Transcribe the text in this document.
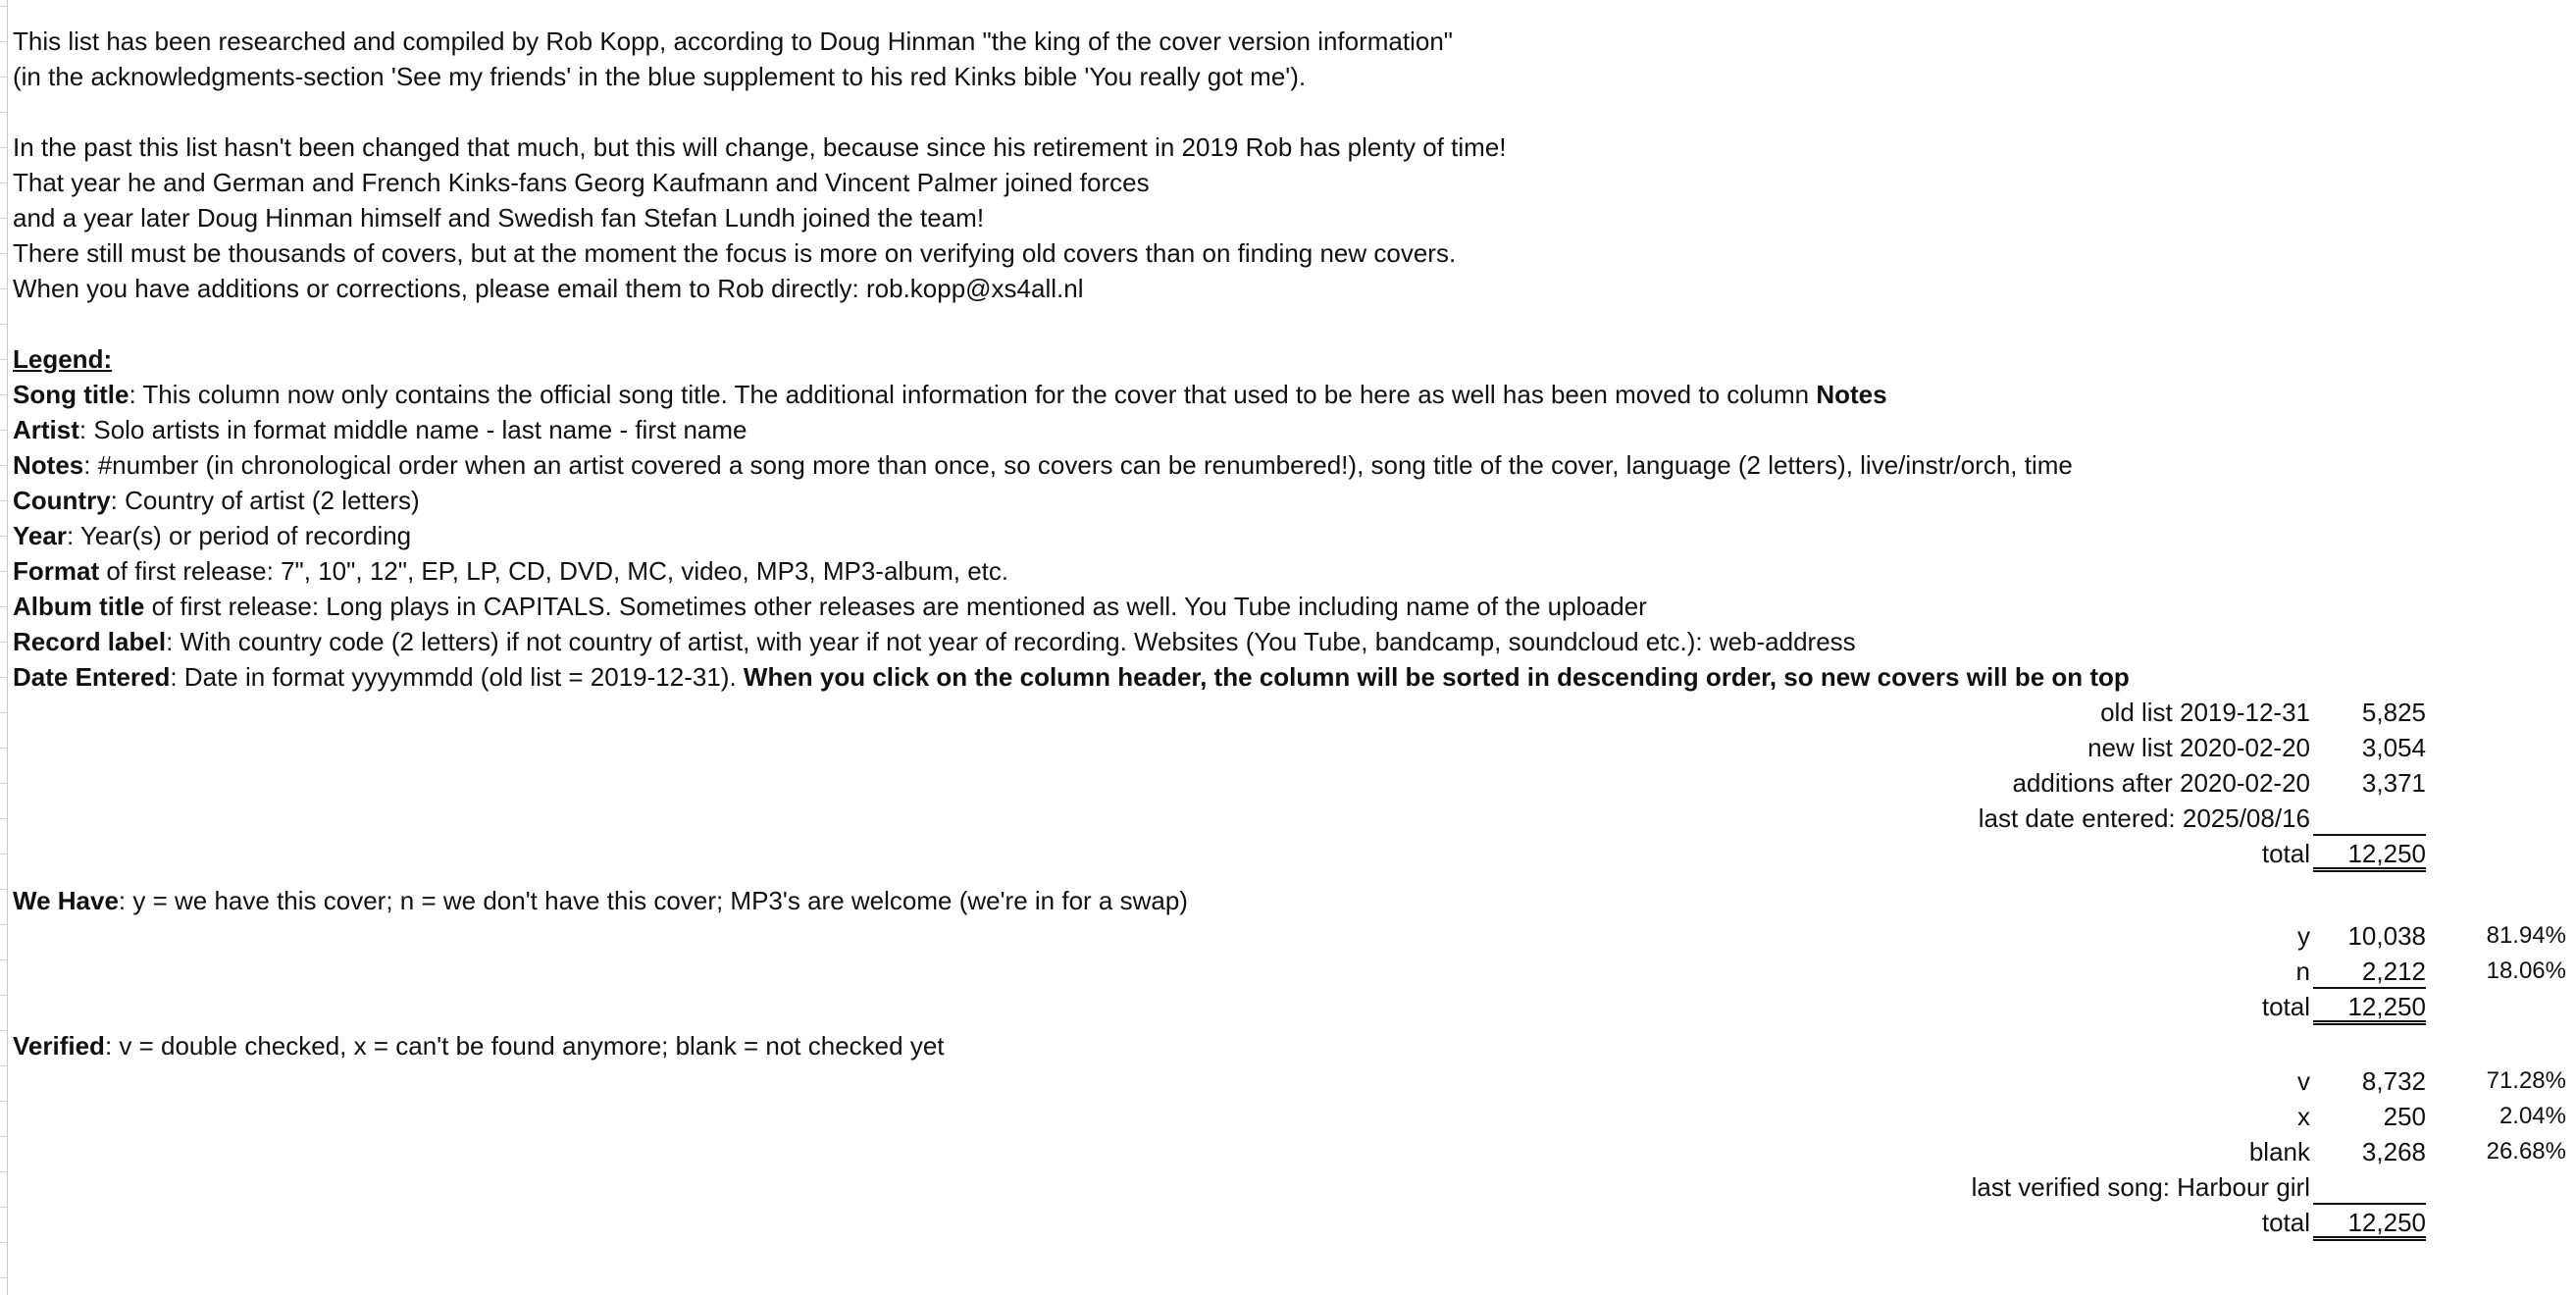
This list has been researched and compiled by Rob Kopp, according to Doug Hinman "the king of the cover version information"
(in the acknowledgments-section 'See my friends' in the blue supplement to his red Kinks bible 'You really got me').
In the past this list hasn't been changed that much, but this will change, because since his retirement in 2019 Rob has plenty of time!
That year he and German and French Kinks-fans Georg Kaufmann and Vincent Palmer joined forces
and a year later Doug Hinman himself and Swedish fan Stefan Lundh joined the team!
There still must be thousands of covers, but at the moment the focus is more on verifying old covers than on finding new covers.
When you have additions or corrections, please email them to Rob directly: rob.kopp@xs4all.nl
Legend:
Song title: This column now only contains the official song title. The additional information for the cover that used to be here as well has been moved to column Notes
Artist: Solo artists in format middle name - last name - first name
Notes: #number (in chronological order when an artist covered a song more than once, so covers can be renumbered!), song title of the cover, language (2 letters), live/instr/orch, time
Country: Country of artist (2 letters)
Year: Year(s) or period of recording
Format of first release: 7", 10", 12", EP, LP, CD, DVD, MC, video, MP3, MP3-album, etc.
Album title of first release: Long plays in CAPITALS. Sometimes other releases are mentioned as well. You Tube including name of the uploader
Record label: With country code (2 letters) if not country of artist, with year if not year of recording. Websites (You Tube, bandcamp, soundcloud etc.): web-address
Date Entered: Date in format yyyymmdd (old list = 2019-12-31). When you click on the column header, the column will be sorted in descending order, so new covers will be on top
old list 2019-12-31 5,825
new list 2020-02-20 3,054
additions after 2020-02-20 3,371
last date entered: 2025/08/16
total	12,250
We Have: y = we have this cover; n = we don't have this cover; MP3's are welcome (we're in for a swap)
y 10,038	81.94%
n	2,212	18.06%
total	12,250
Verified: v = double checked, x = can't be found anymore; blank = not checked yet
v 8,732	71.28%
x	250	2.04%
blank 3,268	26.68%
last verified song: Harbour girl
total	12,250
